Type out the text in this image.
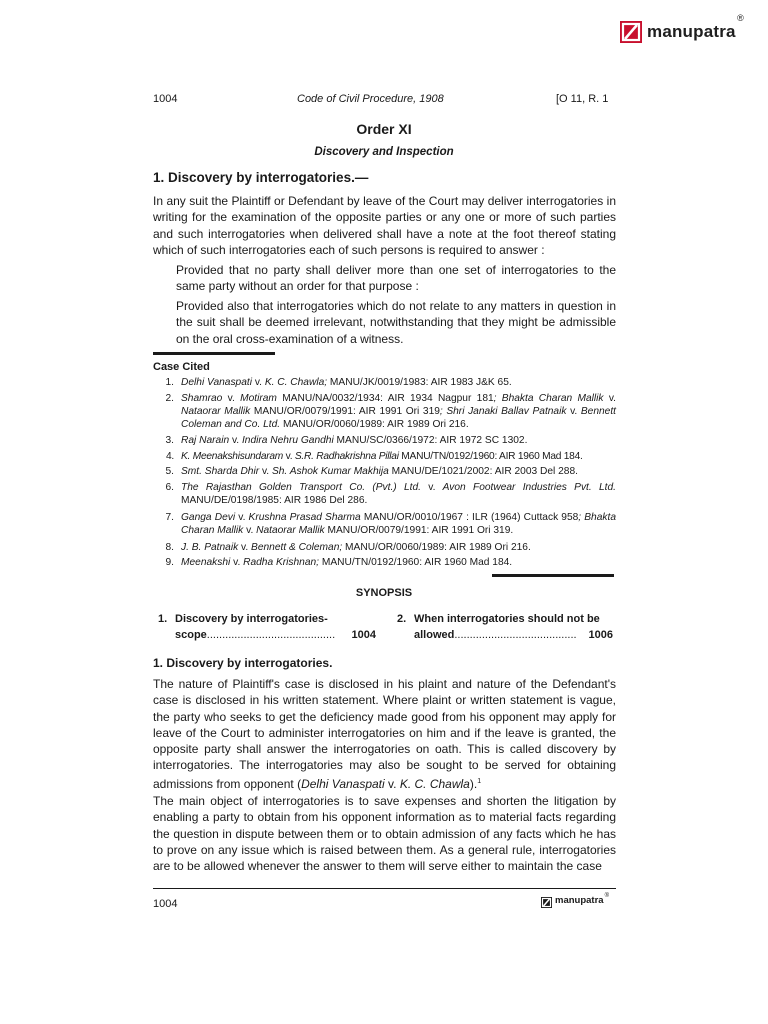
manupatra
®
1004	Code of Civil Procedure, 1908	[O 11, R. 1
Order XI
Discovery and Inspection
1. Discovery by interrogatories.—
In any suit the Plaintiff or Defendant by leave of the Court may deliver interrogatories in writing for the examination of the opposite parties or any one or more of such parties and such interrogatories when delivered shall have a note at the foot thereof stating which of such interrogatories each of such persons is required to answer :
Provided that no party shall deliver more than one set of interrogatories to the same party without an order for that purpose :
Provided also that interrogatories which do not relate to any matters in question in the suit shall be deemed irrelevant, notwithstanding that they might be admissible on the oral cross-examination of a witness.
Case Cited
1. Delhi Vanaspati v. K. C. Chawla; MANU/JK/0019/1983: AIR 1983 J&K 65.
2. Shamrao v. Motiram MANU/NA/0032/1934: AIR 1934 Nagpur 181; Bhakta Charan Mallik v. Nataorar Mallik MANU/OR/0079/1991: AIR 1991 Ori 319; Shri Janaki Ballav Patnaik v. Bennett Coleman and Co. Ltd. MANU/OR/0060/1989: AIR 1989 Ori 216.
3. Raj Narain v. Indira Nehru Gandhi MANU/SC/0366/1972: AIR 1972 SC 1302.
4. K. Meenakshisundaram v. S.R. Radhakrishna Pillai MANU/TN/0192/1960: AIR 1960 Mad 184.
5. Smt. Sharda Dhir v. Sh. Ashok Kumar Makhija MANU/DE/1021/2002: AIR 2003 Del 288.
6. The Rajasthan Golden Transport Co. (Pvt.) Ltd. v. Avon Footwear Industries Pvt. Ltd. MANU/DE/0198/1985: AIR 1986 Del 286.
7. Ganga Devi v. Krushna Prasad Sharma MANU/OR/0010/1967 : ILR (1964) Cuttack 958; Bhakta Charan Mallik v. Nataorar Mallik MANU/OR/0079/1991: AIR 1991 Ori 319.
8. J. B. Patnaik v. Bennett & Coleman; MANU/OR/0060/1989: AIR 1989 Ori 216.
9. Meenakshi v. Radha Krishnan; MANU/TN/0192/1960: AIR 1960 Mad 184.
SYNOPSIS
1. Discovery by interrogatories-
scope ..........................................	1004
2. When interrogatories should not be
allowed ........................................	1006
1. Discovery by interrogatories.
The nature of Plaintiff's case is disclosed in his plaint and nature of the Defendant's case is disclosed in his written statement. Where plaint or written statement is vague, the party who seeks to get the deficiency made good from his opponent may apply for leave of the Court to administer interrogatories on him and if the leave is granted, the opposite party shall answer the interrogatories on oath. This is called discovery by interrogatories. The interrogatories may also be sought to be served for obtaining admissions from opponent (Delhi Vanaspati v. K. C. Chawla).$^1$
The main object of interrogatories is to save expenses and shorten the litigation by enabling a party to obtain from his opponent information as to material facts regarding the question in dispute between them or to obtain admission of any facts which he has to prove on any issue which is raised between them. As a general rule, interrogatories are to be allowed whenever the answer to them will serve either to maintain the case
1004	manupatra ®
